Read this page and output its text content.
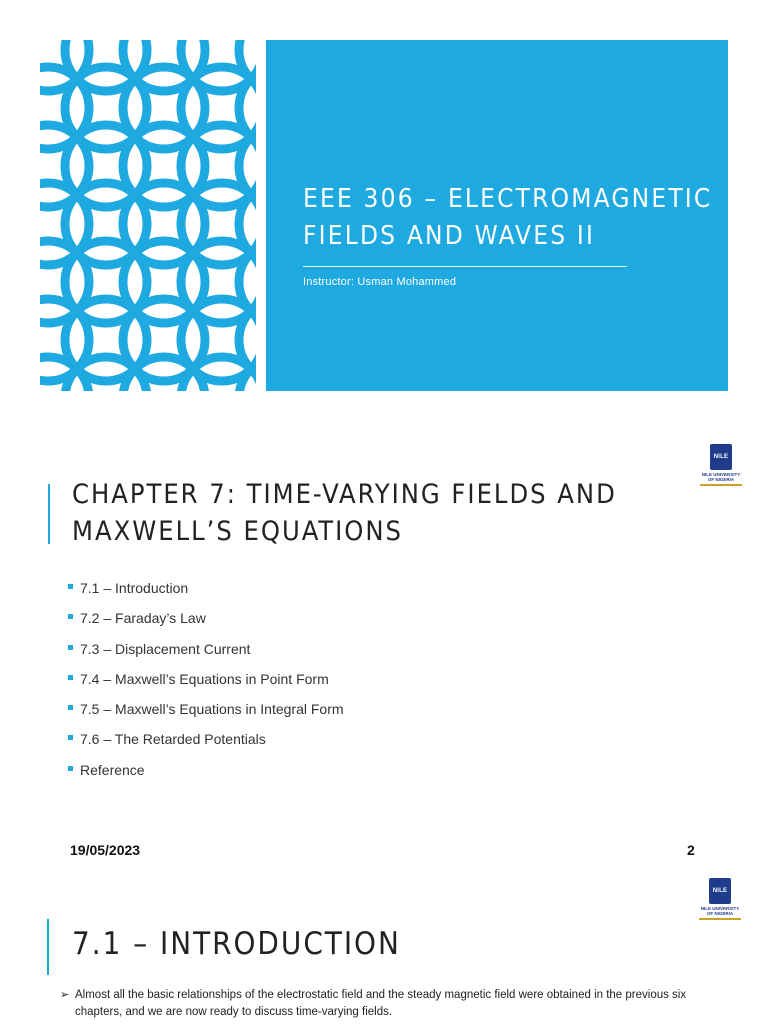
EEE 306 – ELECTROMAGNETIC FIELDS AND WAVES II
Instructor: Usman Mohammed
NILE
NILE UNIVERSITY
OF NIGERIA
CHAPTER 7: TIME-VARYING FIELDS AND MAXWELL’S EQUATIONS
7.1 – Introduction
7.2 – Faraday’s Law
7.3 – Displacement Current
7.4 – Maxwell’s Equations in Point Form
7.5 – Maxwell’s Equations in Integral Form
7.6 – The Retarded Potentials
Reference
19/05/2023	2
NILE
NILE UNIVERSITY
OF NIGERIA
7.1 – INTRODUCTION

➢ Almost all the basic relationships of the electrostatic field and the steady magnetic field were obtained in the previous six chapters, and we are now ready to discuss time-varying fields.
